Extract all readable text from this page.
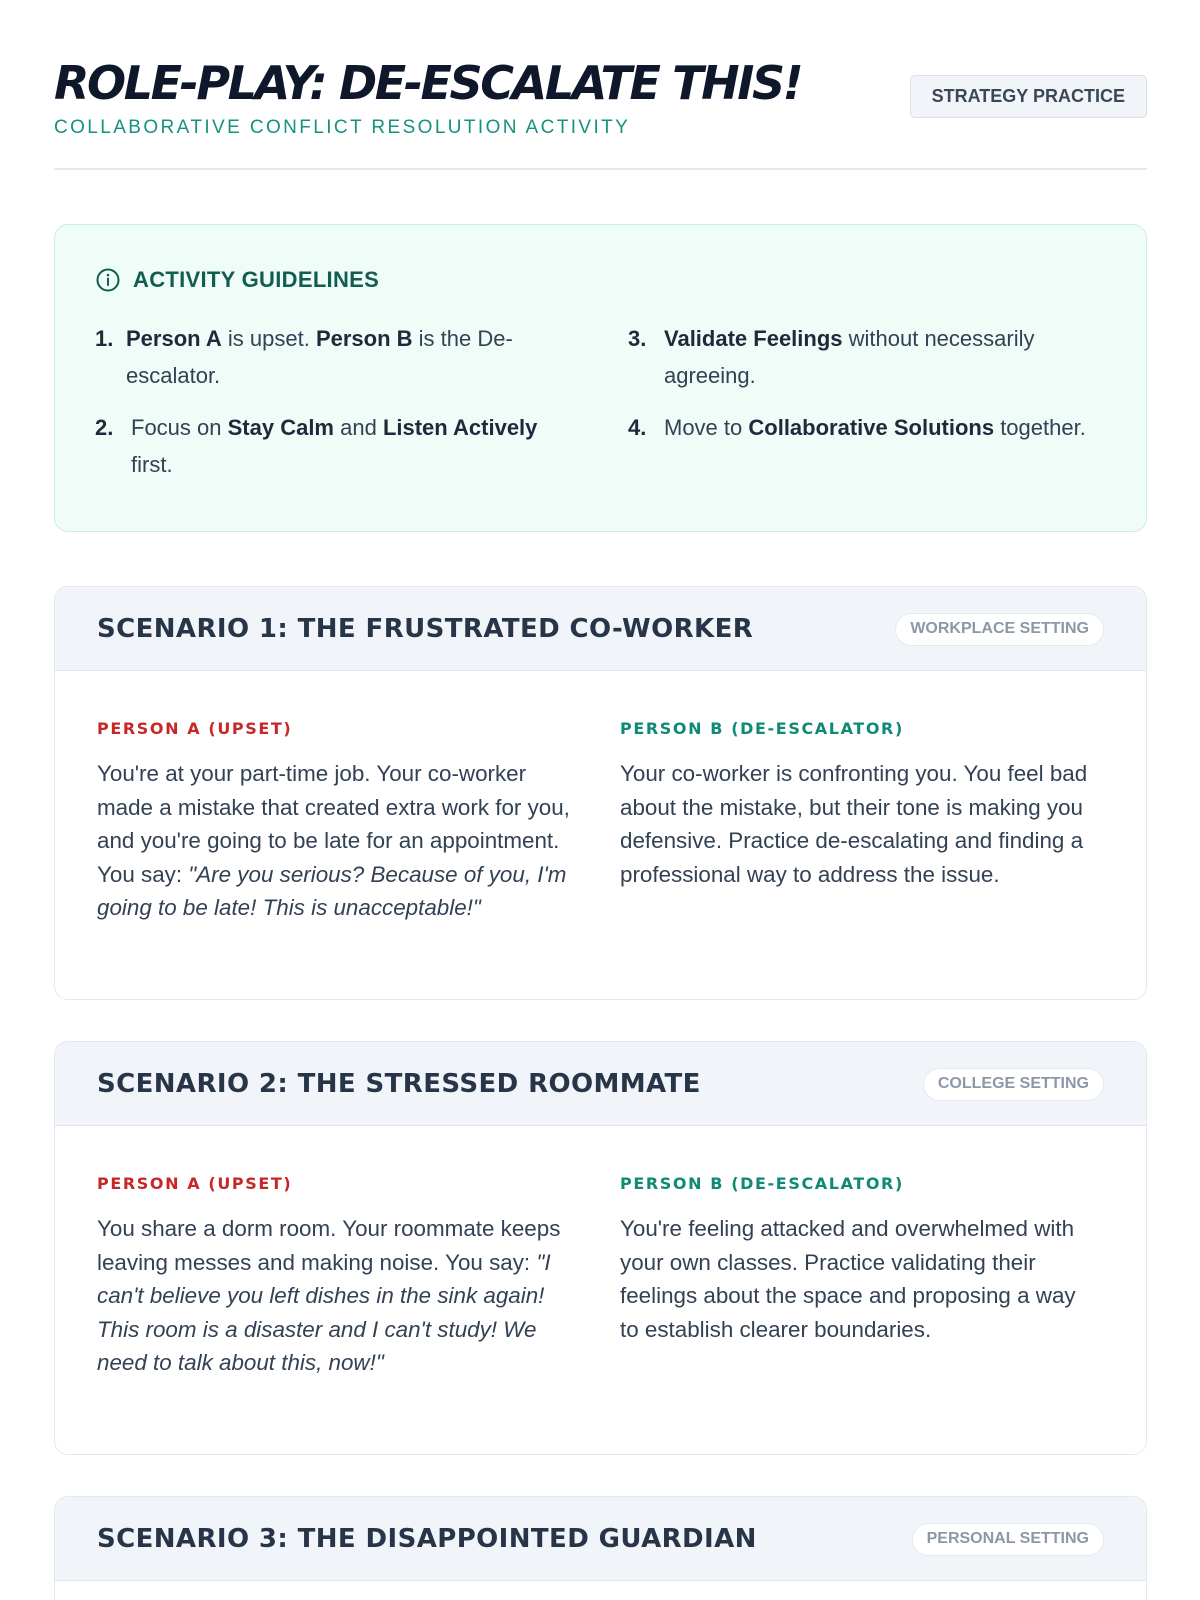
ROLE-PLAY: DE-ESCALATE THIS!
COLLABORATIVE CONFLICT RESOLUTION ACTIVITY
STRATEGY PRACTICE
ACTIVITY GUIDELINES
1. Person A is upset. Person B is the De-escalator.
2. Focus on Stay Calm and Listen Actively first.
3. Validate Feelings without necessarily agreeing.
4. Move to Collaborative Solutions together.
SCENARIO 1: THE FRUSTRATED CO-WORKER	WORKPLACE SETTING
PERSON A (UPSET)
You're at your part-time job. Your co-worker made a mistake that created extra work for you, and you're going to be late for an appointment. You say: "Are you serious? Because of you, I'm going to be late! This is unacceptable!"
PERSON B (DE-ESCALATOR)
Your co-worker is confronting you. You feel bad about the mistake, but their tone is making you defensive. Practice de-escalating and finding a professional way to address the issue.
SCENARIO 2: THE STRESSED ROOMMATE	COLLEGE SETTING
PERSON A (UPSET)
You share a dorm room. Your roommate keeps leaving messes and making noise. You say: "I can't believe you left dishes in the sink again! This room is a disaster and I can't study! We need to talk about this, now!"
PERSON B (DE-ESCALATOR)
You're feeling attacked and overwhelmed with your own classes. Practice validating their feelings about the space and proposing a way to establish clearer boundaries.
SCENARIO 3: THE DISAPPOINTED GUARDIAN	PERSONAL SETTING
